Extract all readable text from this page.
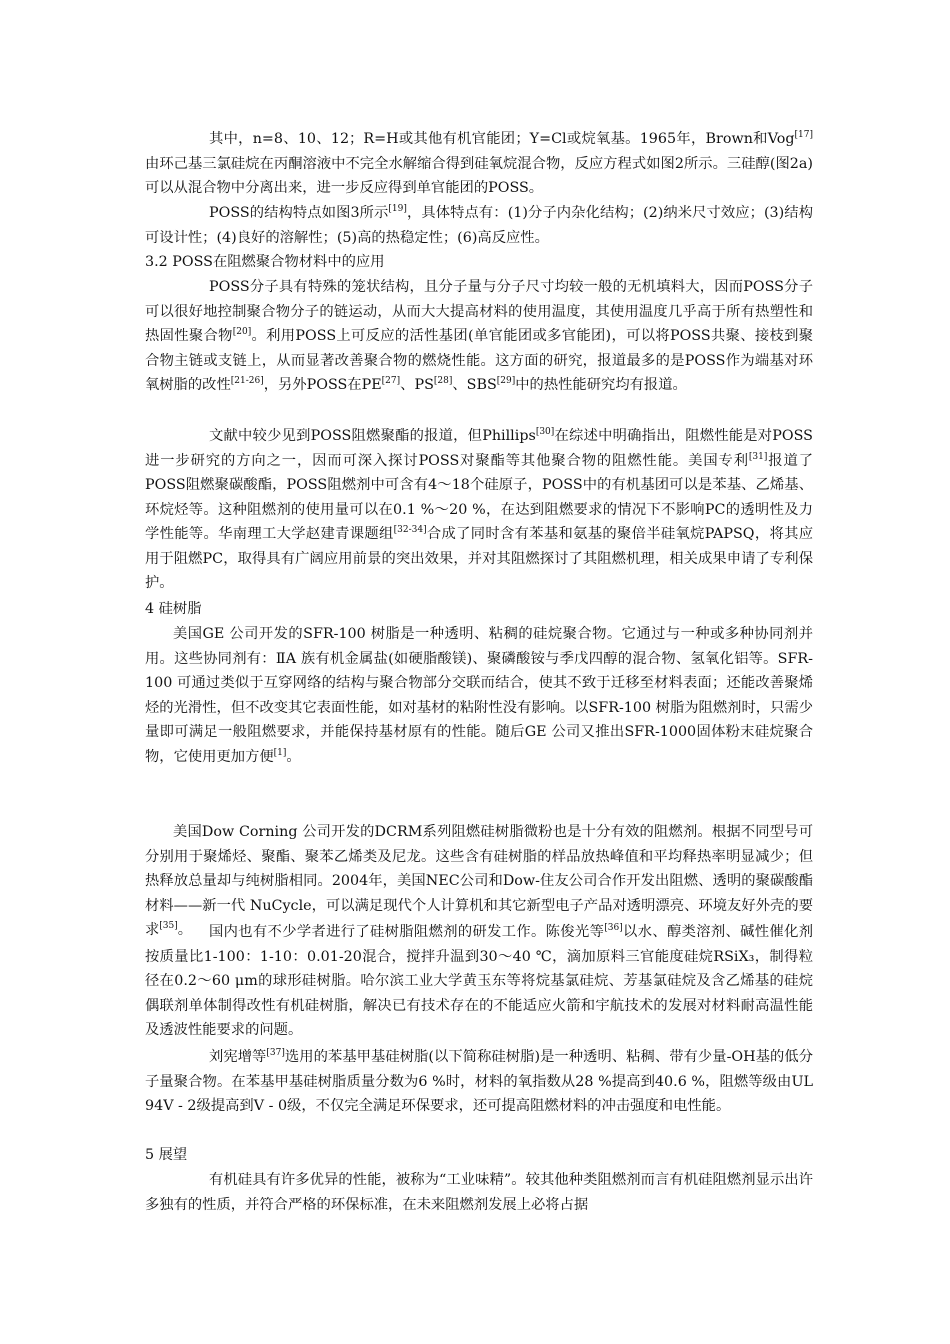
其中，n=8、10、12；R=H或其他有机官能团；Y=Cl或烷氧基。1965年，Brown和Vog[17]由环己基三氯硅烷在丙酮溶液中不完全水解缩合得到硅氧烷混合物，反应方程式如图2所示。三硅醇(图2a)可以从混合物中分离出来，进一步反应得到单官能团的POSS。

POSS的结构特点如图3所示[19]，具体特点有：(1)分子内杂化结构；(2)纳米尺寸效应；(3)结构可设计性；(4)良好的溶解性；(5)高的热稳定性；(6)高反应性。

3.2 POSS在阻燃聚合物材料中的应用

POSS分子具有特殊的笼状结构，且分子量与分子尺寸均较一般的无机填料大，因而POSS分子可以很好地控制聚合物分子的链运动，从而大大提高材料的使用温度，其使用温度几乎高于所有热塑性和热固性聚合物[20]。利用POSS上可反应的活性基团(单官能团或多官能团)，可以将POSS共聚、接枝到聚合物主链或支链上，从而显著改善聚合物的燃烧性能。这方面的研究，报道最多的是POSS作为端基对环氧树脂的改性[21-26]，另外POSS在PE[27]、PS[28]、SBS[29]中的热性能研究均有报道。

文献中较少见到POSS阻燃聚酯的报道，但Phillips[30]在综述中明确指出，阻燃性能是对POSS进一步研究的方向之一，因而可深入探讨POSS对聚酯等其他聚合物的阻燃性能。美国专利[31]报道了POSS阻燃聚碳酸酯，POSS阻燃剂中可含有4～18个硅原子，POSS中的有机基团可以是苯基、乙烯基、环烷烃等。这种阻燃剂的使用量可以在0.1 %～20 %，在达到阻燃要求的情况下不影响PC的透明性及力学性能等。华南理工大学赵建青课题组[32-34]合成了同时含有苯基和氨基的聚倍半硅氧烷PAPSQ，将其应用于阻燃PC，取得具有广阔应用前景的突出效果，并对其阻燃探讨了其阻燃机理，相关成果申请了专利保护。

4 硅树脂

美国GE 公司开发的SFR-100 树脂是一种透明、粘稠的硅烷聚合物。它通过与一种或多种协同剂并用。这些协同剂有：ⅡA 族有机金属盐(如硬脂酸镁)、聚磷酸铵与季戊四醇的混合物、氢氧化铝等。SFR-100 可通过类似于互穿网络的结构与聚合物部分交联而结合，使其不致于迁移至材料表面；还能改善聚烯烃的光滑性，但不改变其它表面性能，如对基材的粘附性没有影响。以SFR-100 树脂为阻燃剂时，只需少量即可满足一般阻燃要求，并能保持基材原有的性能。随后GE 公司又推出SFR-1000固体粉末硅烷聚合物，它使用更加方便[1]。

美国Dow Corning 公司开发的DCRM系列阻燃硅树脂微粉也是十分有效的阻燃剂。根据不同型号可分别用于聚烯烃、聚酯、聚苯乙烯类及尼龙。这些含有硅树脂的样品放热峰值和平均释热率明显减少；但热释放总量却与纯树脂相同。2004年，美国NEC公司和Dow-住友公司合作开发出阻燃、透明的聚碳酸酯材料——新一代 NuCycle，可以满足现代个人计算机和其它新型电子产品对透明漂亮、环境友好外壳的要求[35]。	国内也有不少学者进行了硅树脂阻燃剂的研发工作。陈俊光等[36]以水、醇类溶剂、碱性催化剂按质量比1-100：1-10：0.01-20混合，搅拌升温到30～40 ℃，滴加原料三官能度硅烷RSiX₃，制得粒径在0.2～60 μm的球形硅树脂。哈尔滨工业大学黄玉东等将烷基氯硅烷、芳基氯硅烷及含乙烯基的硅烷偶联剂单体制得改性有机硅树脂，解决已有技术存在的不能适应火箭和宇航技术的发展对材料耐高温性能及透波性能要求的问题。

刘宪增等[37]选用的苯基甲基硅树脂(以下简称硅树脂)是一种透明、粘稠、带有少量-OH基的低分子量聚合物。在苯基甲基硅树脂质量分数为6 %时，材料的氧指数从28 %提高到40.6 %，阻燃等级由UL 94V - 2级提高到V - 0级，不仅完全满足环保要求，还可提高阻燃材料的冲击强度和电性能。

5 展望

有机硅具有许多优异的性能，被称为“工业味精”。较其他种类阻燃剂而言有机硅阻燃剂显示出许多独有的性质，并符合严格的环保标准，在未来阻燃剂发展上必将占据
